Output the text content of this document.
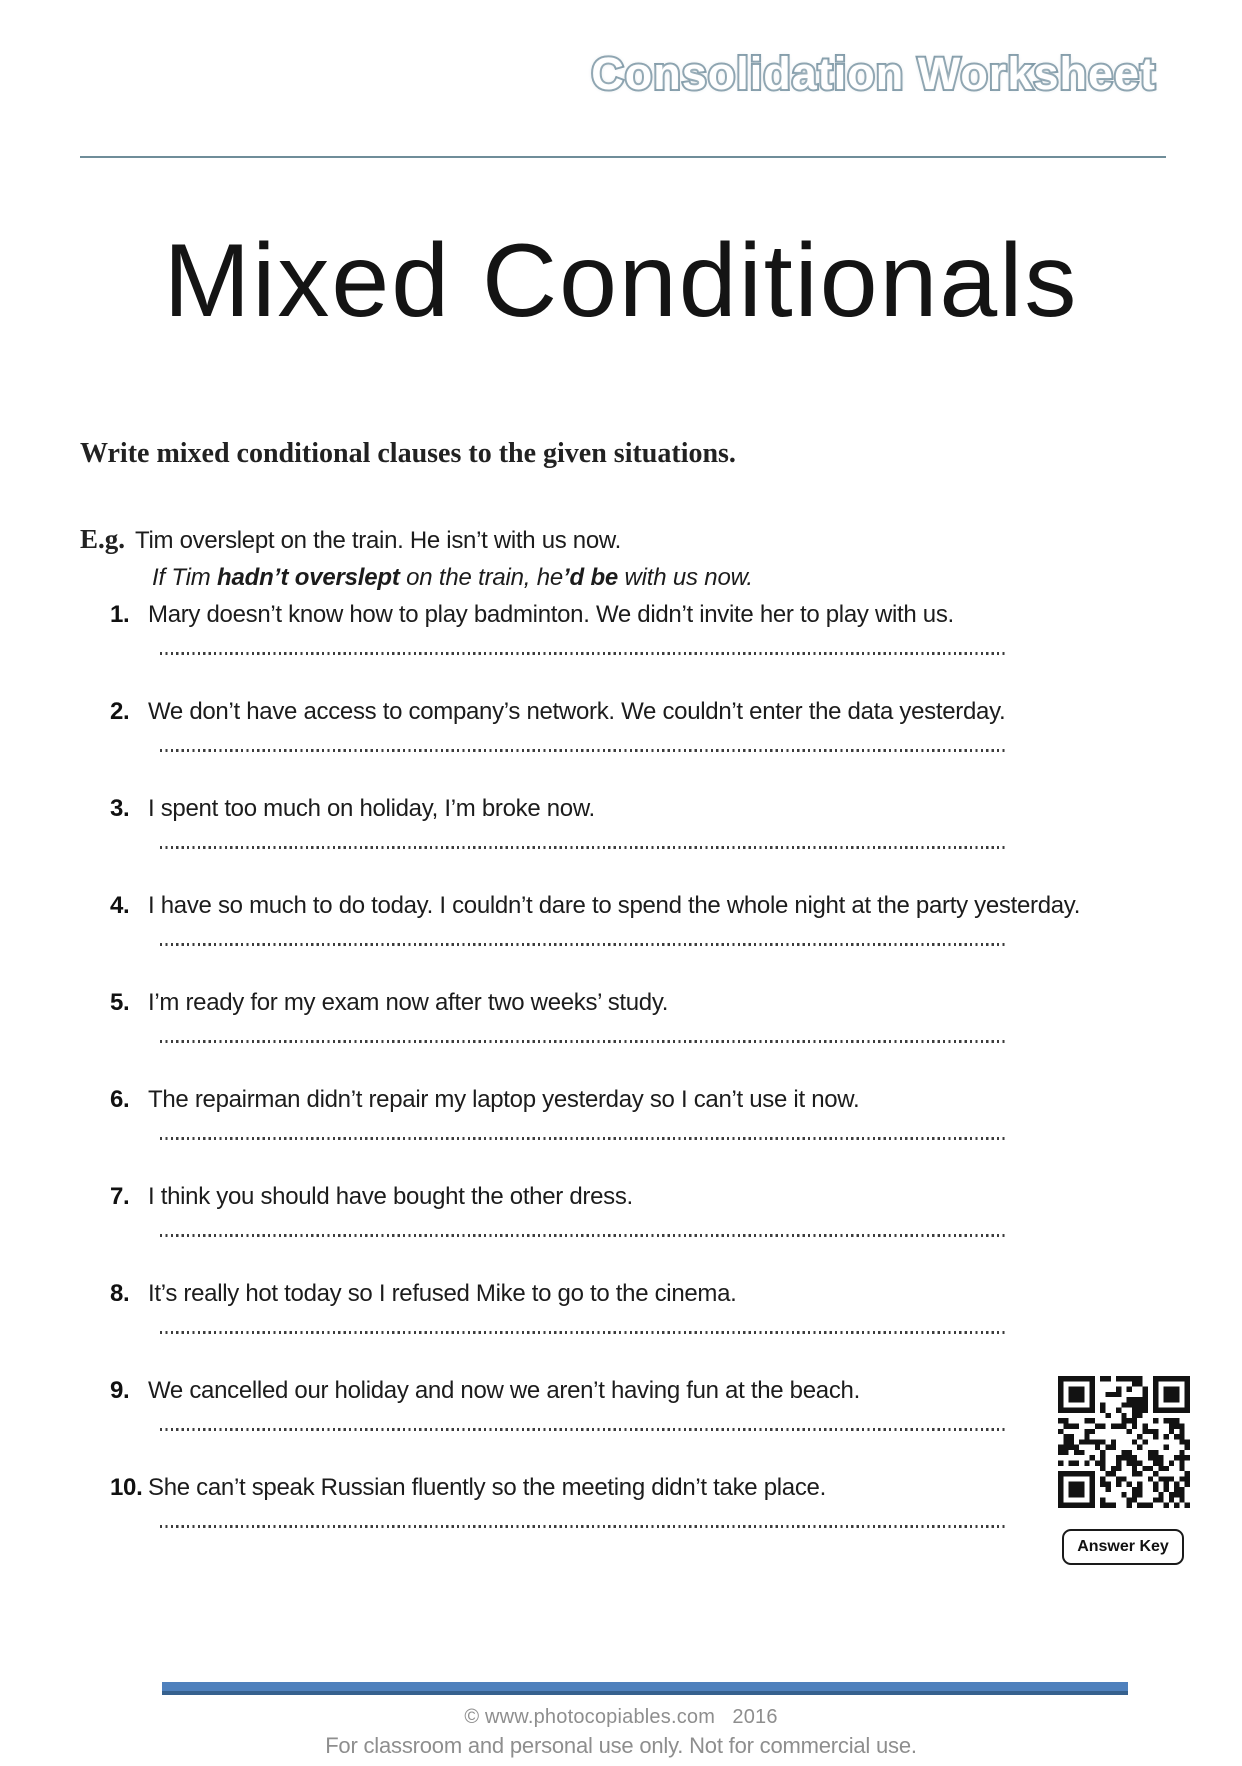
Consolidation Worksheet
Mixed Conditionals
Write mixed conditional clauses to the given situations.
E.g. Tim overslept on the train. He isn’t with us now.
If Tim hadn’t overslept on the train, he’d be with us now.
1. Mary doesn’t know how to play badminton. We didn’t invite her to play with us.
2. We don’t have access to company’s network. We couldn’t enter the data yesterday.
3. I spent too much on holiday, I’m broke now.
4. I have so much to do today. I couldn’t dare to spend the whole night at the party yesterday.
5. I’m ready for my exam now after two weeks’ study.
6. The repairman didn’t repair my laptop yesterday so I can’t use it now.
7. I think you should have bought the other dress.
8. It’s really hot today so I refused Mike to go to the cinema.
9. We cancelled our holiday and now we aren’t having fun at the beach.
10. She can’t speak Russian fluently so the meeting didn’t take place.
Answer Key
© www.photocopiables.com   2016
For classroom and personal use only. Not for commercial use.
